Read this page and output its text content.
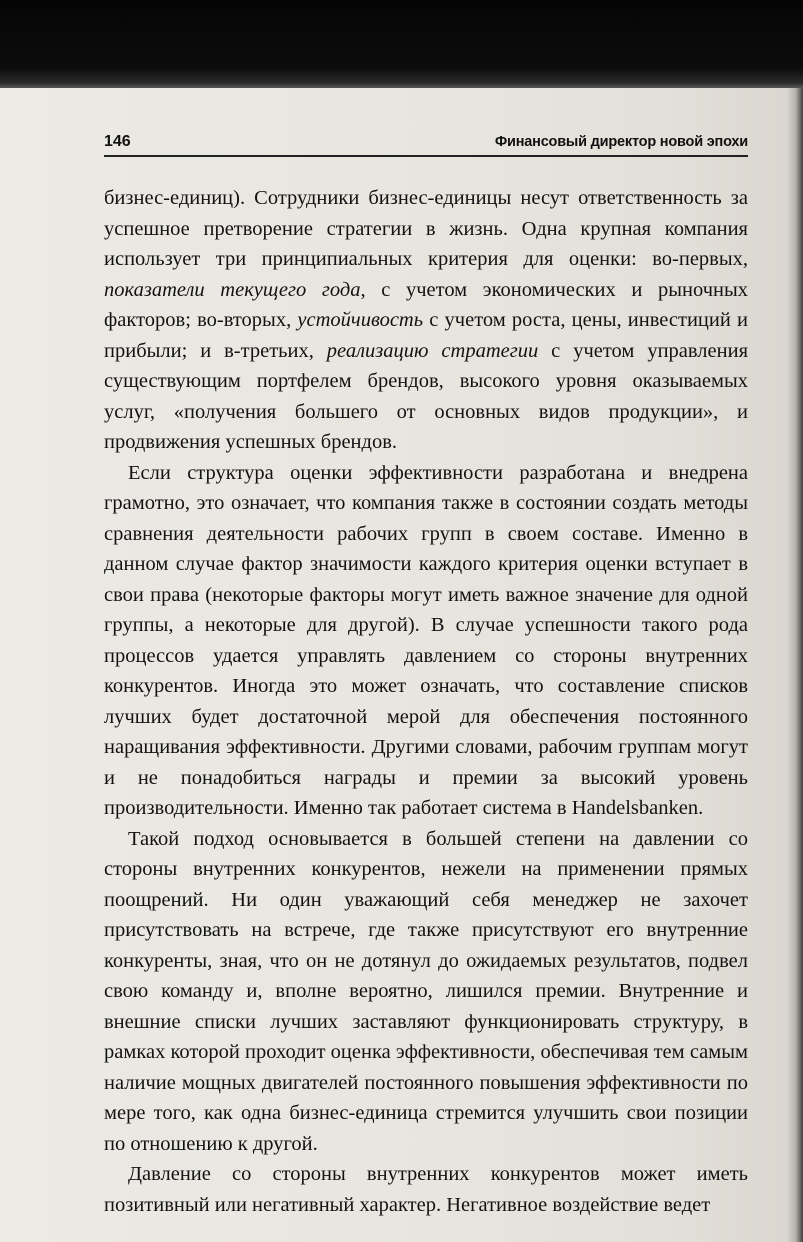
146	Финансовый директор новой эпохи

бизнес-единиц). Сотрудники бизнес-единицы несут ответственность за успешное претворение стратегии в жизнь. Одна крупная компания использует три принципиальных критерия для оценки: во-первых, показатели текущего года, с учетом экономических и рыночных факторов; во-вторых, устойчивость с учетом роста, цены, инвестиций и прибыли; и в-третьих, реализацию стратегии с учетом управления существующим портфелем брендов, высокого уровня оказываемых услуг, «получения большего от основных видов продукции», и продвижения успешных брендов.

Если структура оценки эффективности разработана и внедрена грамотно, это означает, что компания также в состоянии создать методы сравнения деятельности рабочих групп в своем составе. Именно в данном случае фактор значимости каждого критерия оценки вступает в свои права (некоторые факторы могут иметь важное значение для одной группы, а некоторые для другой). В случае успешности такого рода процессов удается управлять давлением со стороны внутренних конкурентов. Иногда это может означать, что составление списков лучших будет достаточной мерой для обеспечения постоянного наращивания эффективности. Другими словами, рабочим группам могут и не понадобиться награды и премии за высокий уровень производительности. Именно так работает система в Handelsbanken.

Такой подход основывается в большей степени на давлении со стороны внутренних конкурентов, нежели на применении прямых поощрений. Ни один уважающий себя менеджер не захочет присутствовать на встрече, где также присутствуют его внутренние конкуренты, зная, что он не дотянул до ожидаемых результатов, подвел свою команду и, вполне вероятно, лишился премии. Внутренние и внешние списки лучших заставляют функционировать структуру, в рамках которой проходит оценка эффективности, обеспечивая тем самым наличие мощных двигателей постоянного повышения эффективности по мере того, как одна бизнес-единица стремится улучшить свои позиции по отношению к другой.

Давление со стороны внутренних конкурентов может иметь позитивный или негативный характер. Негативное воздействие ведет
